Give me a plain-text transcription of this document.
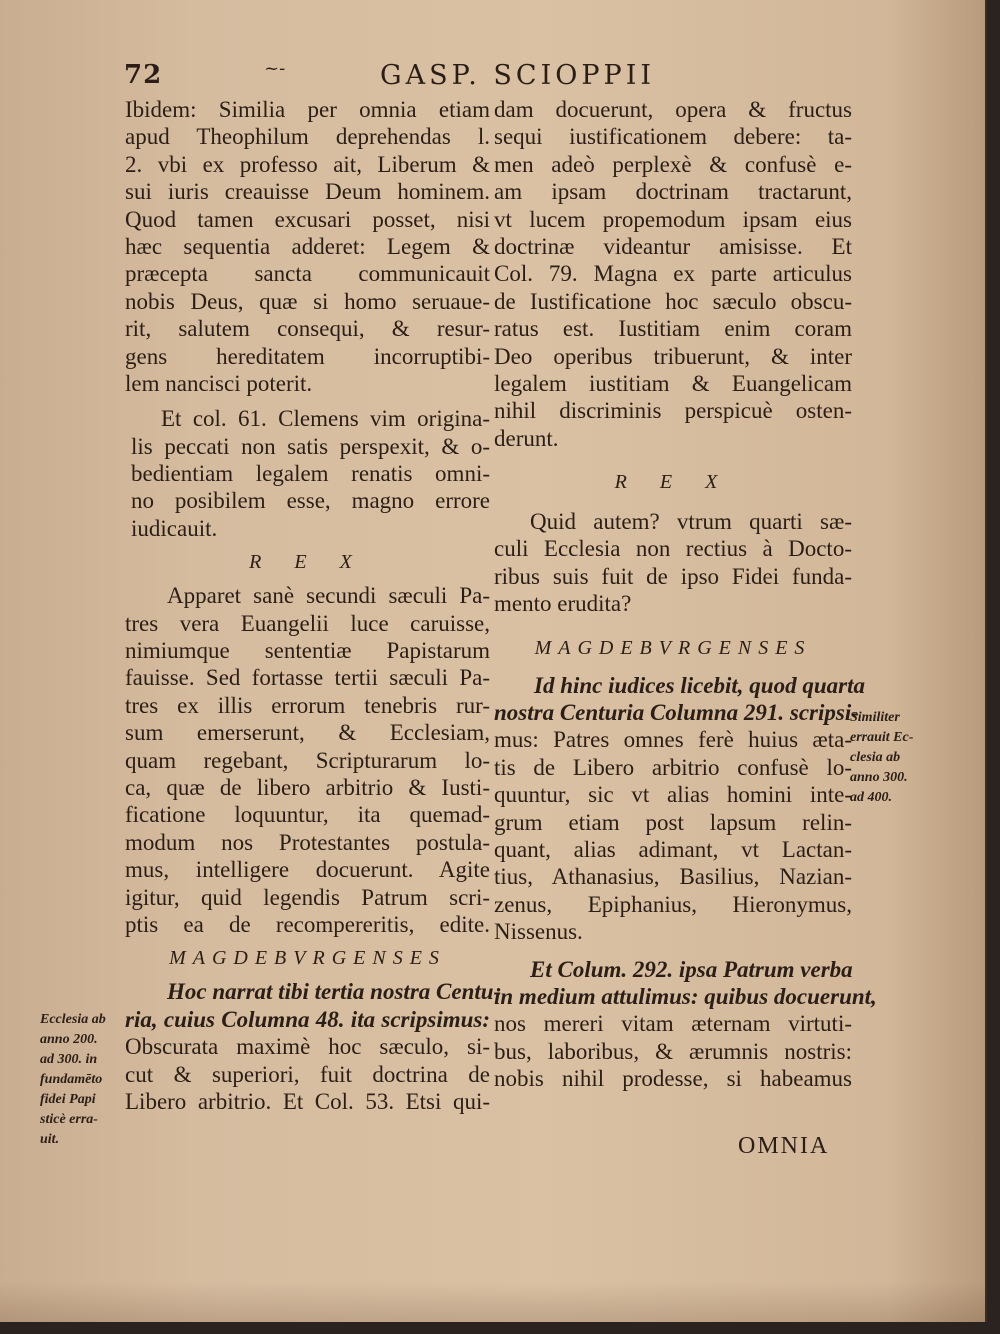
72	~-	GASP. SCIOPPII
Ibidem: Similia per omnia etiam
apud Theophilum deprehendas l.
2. vbi ex professo ait, Liberum &
sui iuris creauisse Deum hominem.
Quod tamen excusari posset, nisi
hæc sequentia adderet: Legem &
præcepta sancta communicauit
nobis Deus, quæ si homo seruaue-
rit, salutem consequi, & resur-
gens hereditatem incorruptibi-
lem nancisci poterit.
Et col. 61. Clemens vim origina-
lis peccati non satis perspexit, & o-
bedientiam legalem renatis omni-
no posibilem esse, magno errore
iudicauit.
R E X
Apparet sanè secundi sæculi Pa-
tres vera Euangelii luce caruisse,
nimiumque sententiæ Papistarum
fauisse. Sed fortasse tertii sæculi Pa-
tres ex illis errorum tenebris rur-
sum emerserunt, & Ecclesiam,
quam regebant, Scripturarum lo-
ca, quæ de libero arbitrio & Iusti-
ficatione loquuntur, ita quemad-
modum nos Protestantes postula-
mus, intelligere docuerunt. Agite
igitur, quid legendis Patrum scri-
ptis ea de recompereritis, edite.
MAGDEBVRGENSES
Hoc narrat tibi tertia nostra Centu-
ria, cuius Columna 48. ita scripsimus:
Obscurata maximè hoc sæculo, si-
cut & superiori, fuit doctrina de
Libero arbitrio. Et Col. 53. Etsi qui-
dam docuerunt, opera & fructus
sequi iustificationem debere: ta-
men adeò perplexè & confusè e-
am ipsam doctrinam tractarunt,
vt lucem propemodum ipsam eius
doctrinæ videantur amisisse. Et
Col. 79. Magna ex parte articulus
de Iustificatione hoc sæculo obscu-
ratus est. Iustitiam enim coram
Deo operibus tribuerunt, & inter
legalem iustitiam & Euangelicam
nihil discriminis perspicuè osten-
derunt.
R E X
Quid autem? vtrum quarti sæ-
culi Ecclesia non rectius à Docto-
ribus suis fuit de ipso Fidei funda-
mento erudita?
MAGDEBVRGENSES
Id hinc iudices licebit, quod quarta
nostra Centuria Columna 291. scripsi-
mus: Patres omnes ferè huius æta-
tis de Libero arbitrio confusè lo-
quuntur, sic vt alias homini inte-
grum etiam post lapsum relin-
quant, alias adimant, vt Lactan-
tius, Athanasius, Basilius, Nazian-
zenus, Epiphanius, Hieronymus,
Nissenus.
Et Colum. 292. ipsa Patrum verba
in medium attulimus: quibus docuerunt,
nos mereri vitam æternam virtuti-
bus, laboribus, & ærumnis nostris:
nobis nihil prodesse, si habeamus
Similiter
errauit Ec-
clesia ab
anno 300.
ad 400.
Ecclesia ab
anno 200.
ad 300. in
fundamēto
fidei Papi
sticè erra-
uit.	OMNIA
